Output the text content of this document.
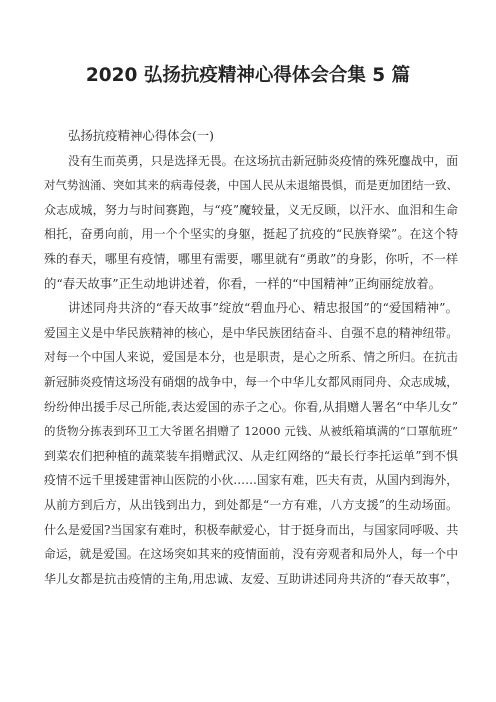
2020 弘扬抗疫精神心得体会合集 5 篇
弘扬抗疫精神心得体会(一)
没有生而英勇，只是选择无畏。在这场抗击新冠肺炎疫情的殊死鏖战中，面
对气势汹涌、突如其来的病毒侵袭，中国人民从未退缩畏惧，而是更加团结一致、
众志成城，努力与时间赛跑，与“疫”魔较量，义无反顾，以汗水、血泪和生命
相托，奋勇向前，用一个个坚实的身躯，挺起了抗疫的“民族脊梁”。在这个特
殊的春天，哪里有疫情，哪里有需要，哪里就有“勇敢”的身影，你听，不一样
的“春天故事”正生动地讲述着，你看，一样的“中国精神”正绚丽绽放着。
讲述同舟共济的“春天故事”绽放“碧血丹心、精忠报国”的“爱国精神”。
爱国主义是中华民族精神的核心，是中华民族团结奋斗、自强不息的精神纽带。
对每一个中国人来说，爱国是本分，也是职责，是心之所系、情之所归。在抗击
新冠肺炎疫情这场没有硝烟的战争中，每一个中华儿女都风雨同舟、众志成城，
纷纷伸出援手尽己所能,表达爱国的赤子之心。你看,从捐赠人署名“中华儿女”
的货物分拣表到环卫工大爷匿名捐赠了 12000 元钱、从被纸箱填满的“口罩航班”
到菜农们把种植的蔬菜装车捐赠武汉、从走红网络的“最长行李托运单”到不惧
疫情不远千里援建雷神山医院的小伙……国家有难，匹夫有责，从国内到海外，
从前方到后方，从出钱到出力，到处都是“一方有难，八方支援”的生动场面。
什么是爱国?当国家有难时，积极奉献爱心，甘于挺身而出，与国家同呼吸、共
命运，就是爱国。在这场突如其来的疫情面前，没有旁观者和局外人，每一个中
华儿女都是抗击疫情的主角,用忠诚、友爱、互助讲述同舟共济的“春天故事”，
